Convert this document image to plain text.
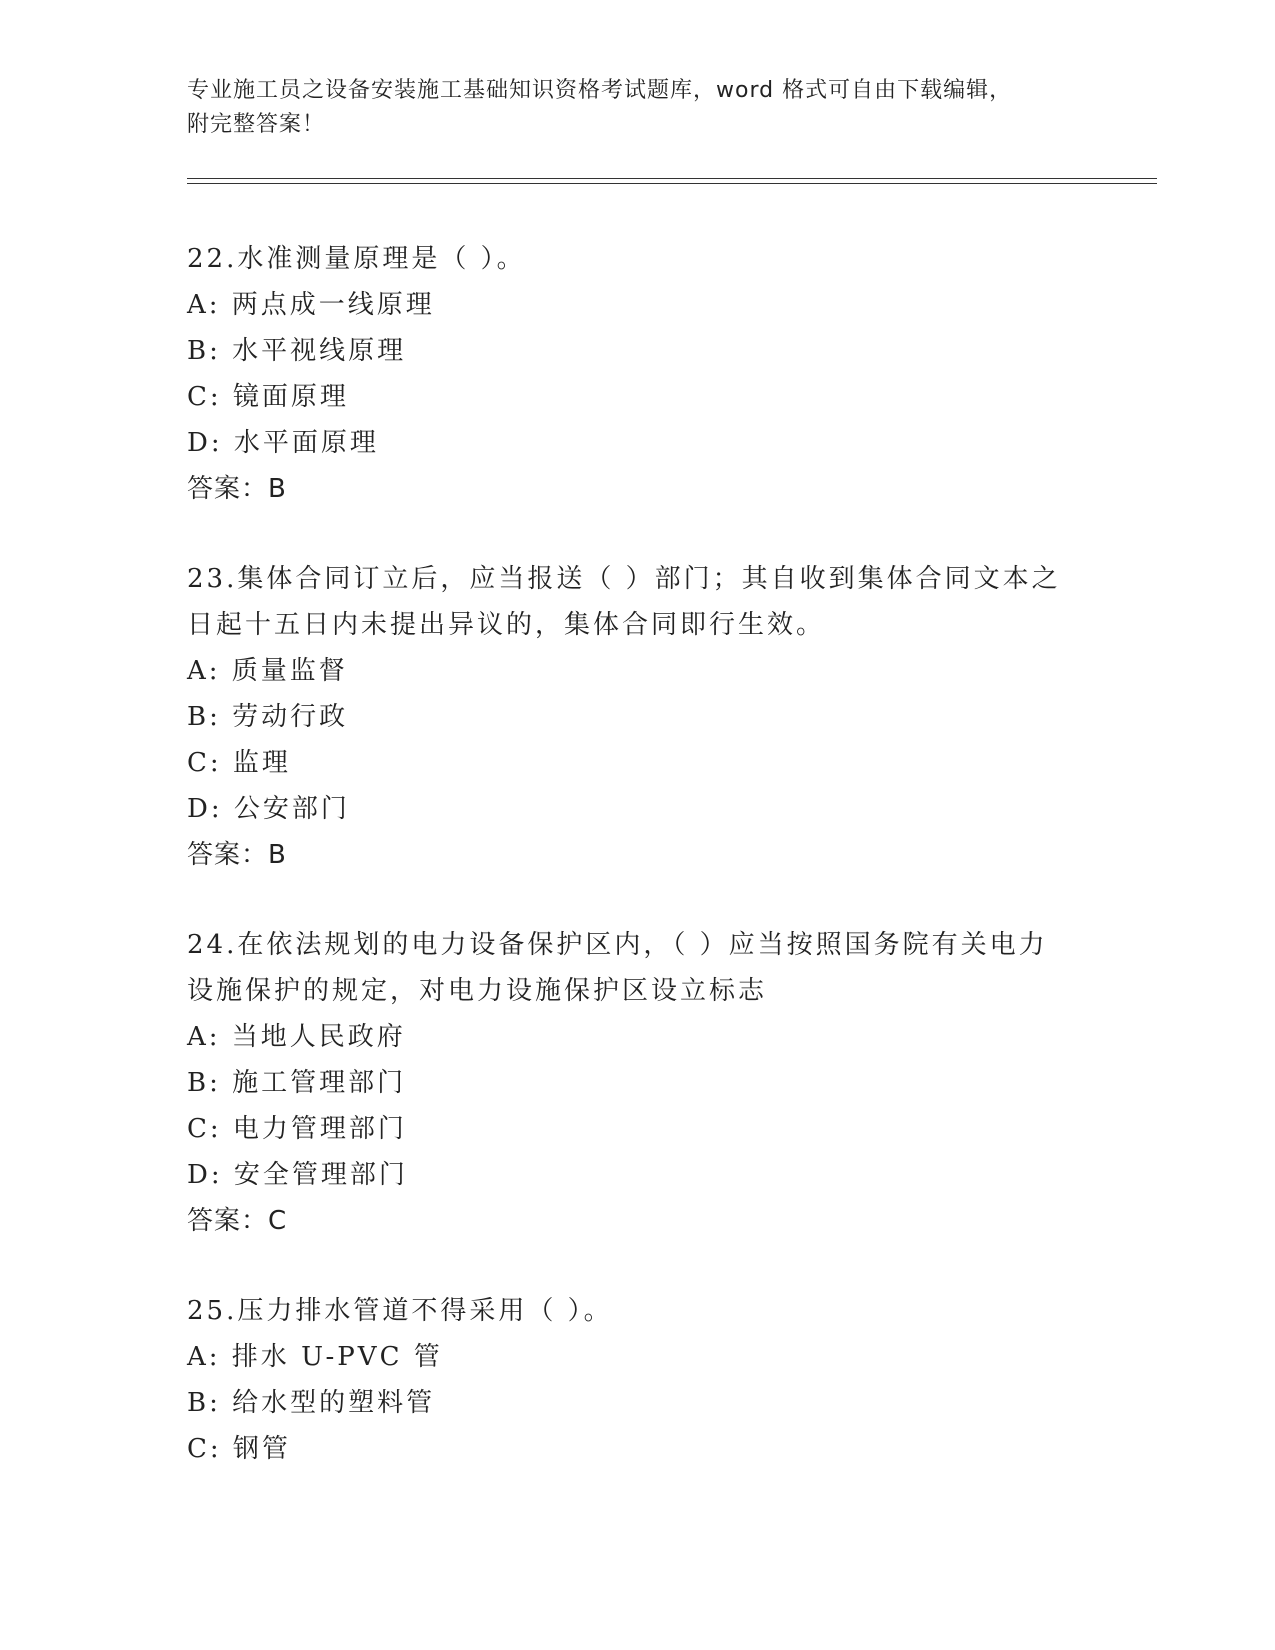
专业施工员之设备安装施工基础知识资格考试题库，word 格式可自由下载编辑，
附完整答案！
22.水准测量原理是（ ）。
A: 两点成一线原理
B: 水平视线原理
C: 镜面原理
D: 水平面原理
答案：B
23.集体合同订立后，应当报送（ ）部门；其自收到集体合同文本之
日起十五日内未提出异议的，集体合同即行生效。
A: 质量监督
B: 劳动行政
C: 监理
D: 公安部门
答案：B
24.在依法规划的电力设备保护区内，（ ）应当按照国务院有关电力
设施保护的规定，对电力设施保护区设立标志
A: 当地人民政府
B: 施工管理部门
C: 电力管理部门
D: 安全管理部门
答案：C
25.压力排水管道不得采用（ ）。
A: 排水 U-PVC 管
B: 给水型的塑料管
C: 钢管
